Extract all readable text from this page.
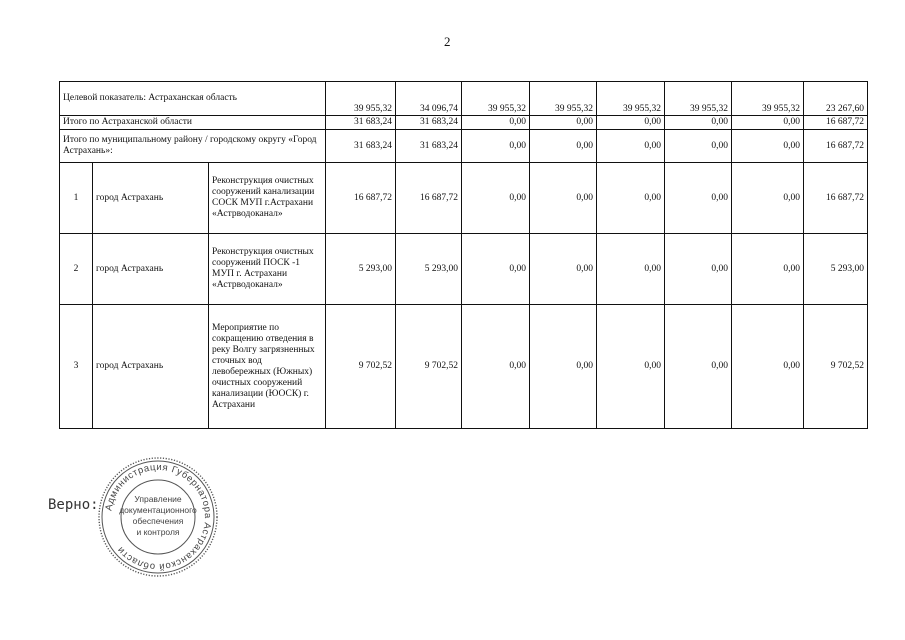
2
Целевой показатель: Астраханская область			39 955,32	34 096,74	39 955,32	39 955,32	39 955,32	39 955,32	39 955,32	23 267,60
Итого по Астраханской области			31 683,24	31 683,24	0,00	0,00	0,00	0,00	0,00	16 687,72
Итого по муниципальному району / городскому округу «Город Астрахань»:			31 683,24	31 683,24	0,00	0,00	0,00	0,00	0,00	16 687,72
1	город Астрахань	Реконструкция очистных сооружений канализации СОСК МУП г.Астрахани «Астрводоканал»	16 687,72	16 687,72	0,00	0,00	0,00	0,00	0,00	16 687,72
2	город Астрахань	Реконструкция очистных сооружений ПОСК -1 МУП г. Астрахани «Астрводоканал»	5 293,00	5 293,00	0,00	0,00	0,00	0,00	0,00	5 293,00
3	город Астрахань	Мероприятие по сокращению отведения в реку Волгу загрязненных сточных вод левобережных (Южных) очистных сооружений канализации (ЮОСК) г. Астрахани	9 702,52	9 702,52	0,00	0,00	0,00	0,00	0,00	9 702,52
Верно: Администрация Губернатора Астраханской области
Управление
документационного
обеспечения
и контроля
